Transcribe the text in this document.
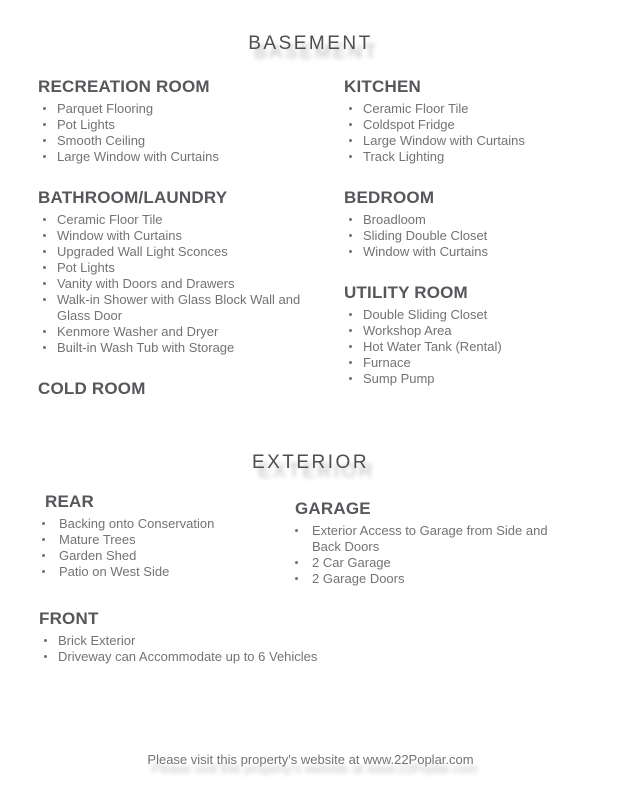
BASEMENT
RECREATION ROOM
Parquet Flooring
Pot Lights
Smooth Ceiling
Large Window with Curtains
BATHROOM/LAUNDRY
Ceramic Floor Tile
Window with Curtains
Upgraded Wall Light Sconces
Pot Lights
Vanity with Doors and Drawers
Walk-in Shower with Glass Block Wall and Glass Door
Kenmore Washer and Dryer
Built-in Wash Tub with Storage
COLD ROOM
KITCHEN
Ceramic Floor Tile
Coldspot Fridge
Large Window with Curtains
Track Lighting
BEDROOM
Broadloom
Sliding Double Closet
Window with Curtains
UTILITY ROOM
Double Sliding Closet
Workshop Area
Hot Water Tank (Rental)
Furnace
Sump Pump
EXTERIOR
REAR
Backing onto Conservation
Mature Trees
Garden Shed
Patio on West Side
GARAGE
Exterior Access to Garage from Side and Back Doors
2 Car Garage
2 Garage Doors
FRONT
Brick Exterior
Driveway can Accommodate up to 6 Vehicles
Please visit this property's website at www.22Poplar.com
